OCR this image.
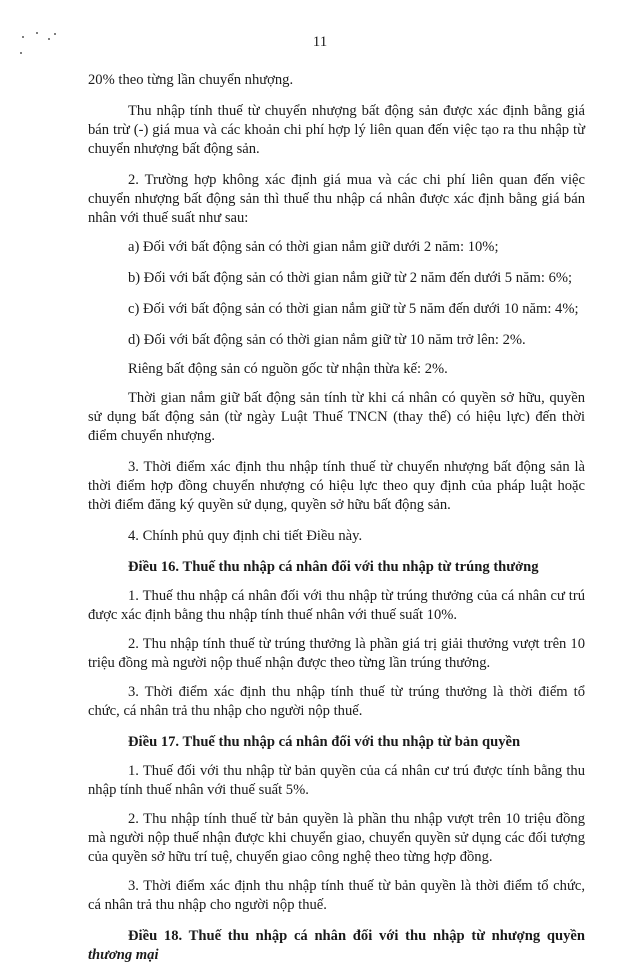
11

20% theo từng lần chuyển nhượng.

Thu nhập tính thuế từ chuyển nhượng bất động sản được xác định bằng giá bán trừ (-) giá mua và các khoản chi phí hợp lý liên quan đến việc tạo ra thu nhập từ chuyển nhượng bất động sản.

2. Trường hợp không xác định giá mua và các chi phí liên quan đến việc chuyển nhượng bất động sản thì thuế thu nhập cá nhân được xác định bằng giá bán nhân với thuế suất như sau:

a) Đối với bất động sản có thời gian nắm giữ dưới 2 năm: 10%;

b) Đối với bất động sản có thời gian nắm giữ từ 2 năm đến dưới 5 năm: 6%;

c) Đối với bất động sản có thời gian nắm giữ từ 5 năm đến dưới 10 năm: 4%;

d) Đối với bất động sản có thời gian nắm giữ từ 10 năm trở lên: 2%.

Riêng bất động sản có nguồn gốc từ nhận thừa kế: 2%.

Thời gian nắm giữ bất động sản tính từ khi cá nhân có quyền sở hữu, quyền sử dụng bất động sản (từ ngày Luật Thuế TNCN (thay thế) có hiệu lực) đến thời điểm chuyển nhượng.

3. Thời điểm xác định thu nhập tính thuế từ chuyển nhượng bất động sản là thời điểm hợp đồng chuyển nhượng có hiệu lực theo quy định của pháp luật hoặc thời điểm đăng ký quyền sử dụng, quyền sở hữu bất động sản.

4. Chính phủ quy định chi tiết Điều này.

Điều 16. Thuế thu nhập cá nhân đối với thu nhập từ trúng thưởng

1. Thuế thu nhập cá nhân đối với thu nhập từ trúng thưởng của cá nhân cư trú được xác định bằng thu nhập tính thuế nhân với thuế suất 10%.

2. Thu nhập tính thuế từ trúng thưởng là phần giá trị giải thưởng vượt trên 10 triệu đồng mà người nộp thuế nhận được theo từng lần trúng thưởng.

3. Thời điểm xác định thu nhập tính thuế từ trúng thưởng là thời điểm tổ chức, cá nhân trả thu nhập cho người nộp thuế.

Điều 17. Thuế thu nhập cá nhân đối với thu nhập từ bản quyền

1. Thuế đối với thu nhập từ bản quyền của cá nhân cư trú được tính bằng thu nhập tính thuế nhân với thuế suất 5%.

2. Thu nhập tính thuế từ bản quyền là phần thu nhập vượt trên 10 triệu đồng mà người nộp thuế nhận được khi chuyển giao, chuyển quyền sử dụng các đối tượng của quyền sở hữu trí tuệ, chuyển giao công nghệ theo từng hợp đồng.

3. Thời điểm xác định thu nhập tính thuế từ bản quyền là thời điểm tổ chức, cá nhân trả thu nhập cho người nộp thuế.

Điều 18. Thuế thu nhập cá nhân đối với thu nhập từ nhượng quyền thương mại
